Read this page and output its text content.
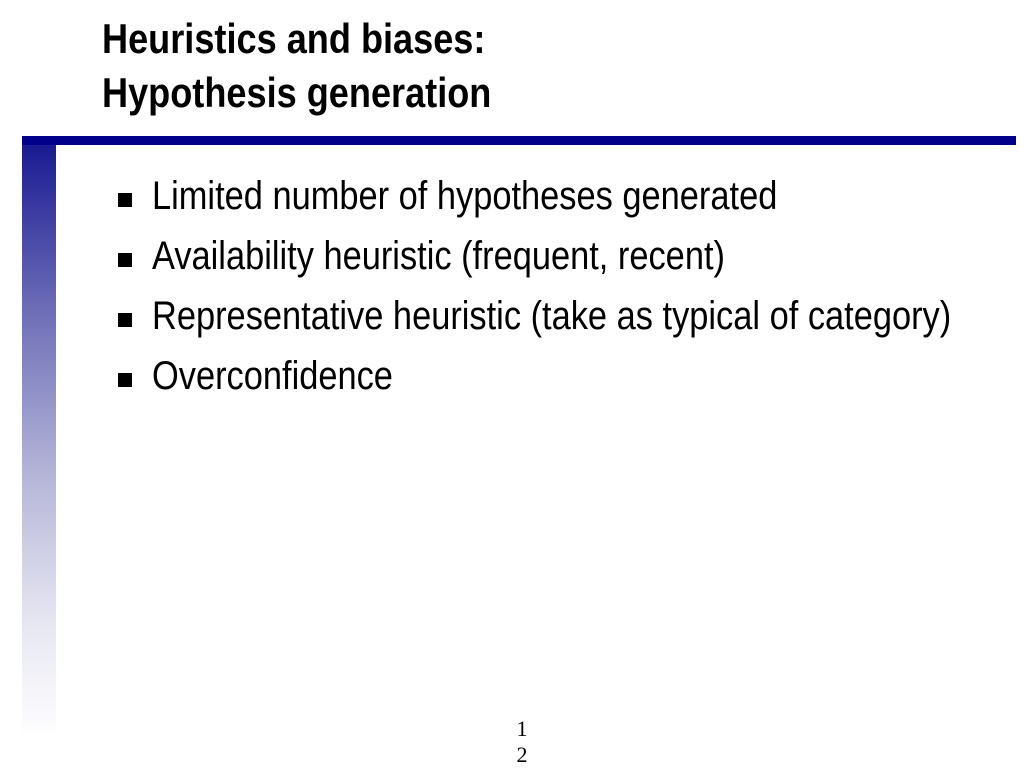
Heuristics and biases:
Hypothesis generation
Limited number of hypotheses generated
Availability heuristic (frequent, recent)
Representative heuristic (take as typical of category)
Overconfidence
1
2
